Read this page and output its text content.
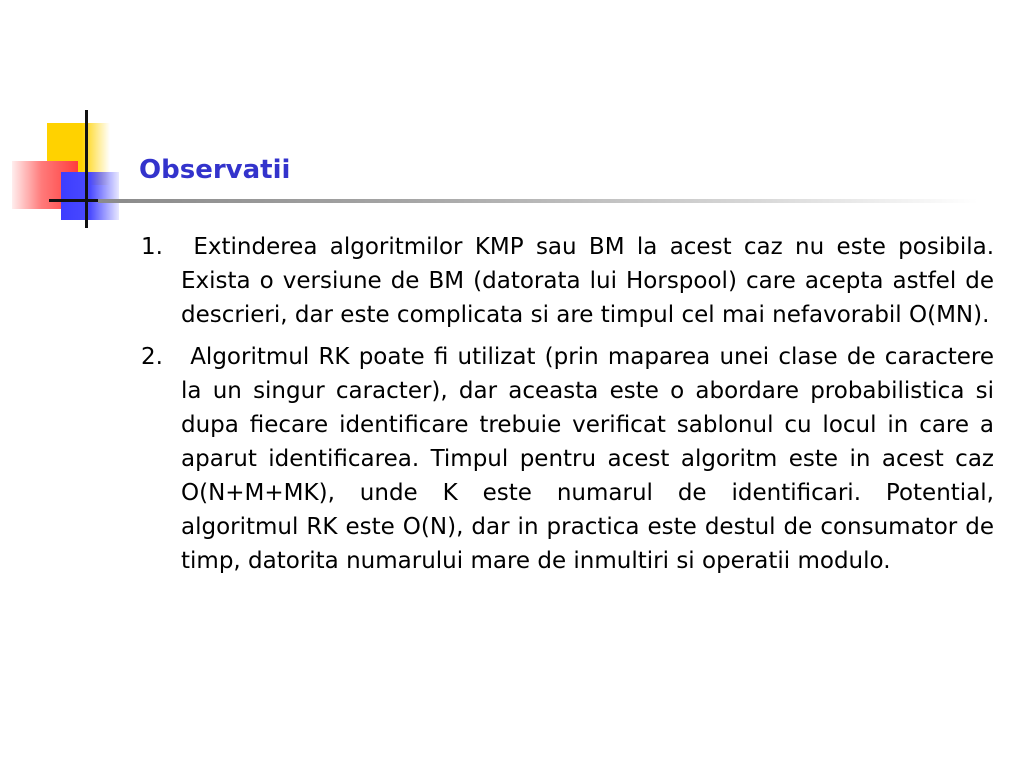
Observatii
1. Extinderea algoritmilor KMP sau BM la acest caz nu este posibila. Exista o versiune de BM (datorata lui Horspool) care acepta astfel de descrieri, dar este complicata si are timpul cel mai nefavorabil O(MN).
2. Algoritmul RK poate fi utilizat (prin maparea unei clase de caractere la un singur caracter), dar aceasta este o abordare probabilistica si dupa fiecare identificare trebuie verificat sablonul cu locul in care a aparut identificarea. Timpul pentru acest algoritm este in acest caz O(N+M+MK), unde K este numarul de identificari. Potential, algoritmul RK este O(N), dar in practica este destul de consumator de timp, datorita numarului mare de inmultiri si operatii modulo.
